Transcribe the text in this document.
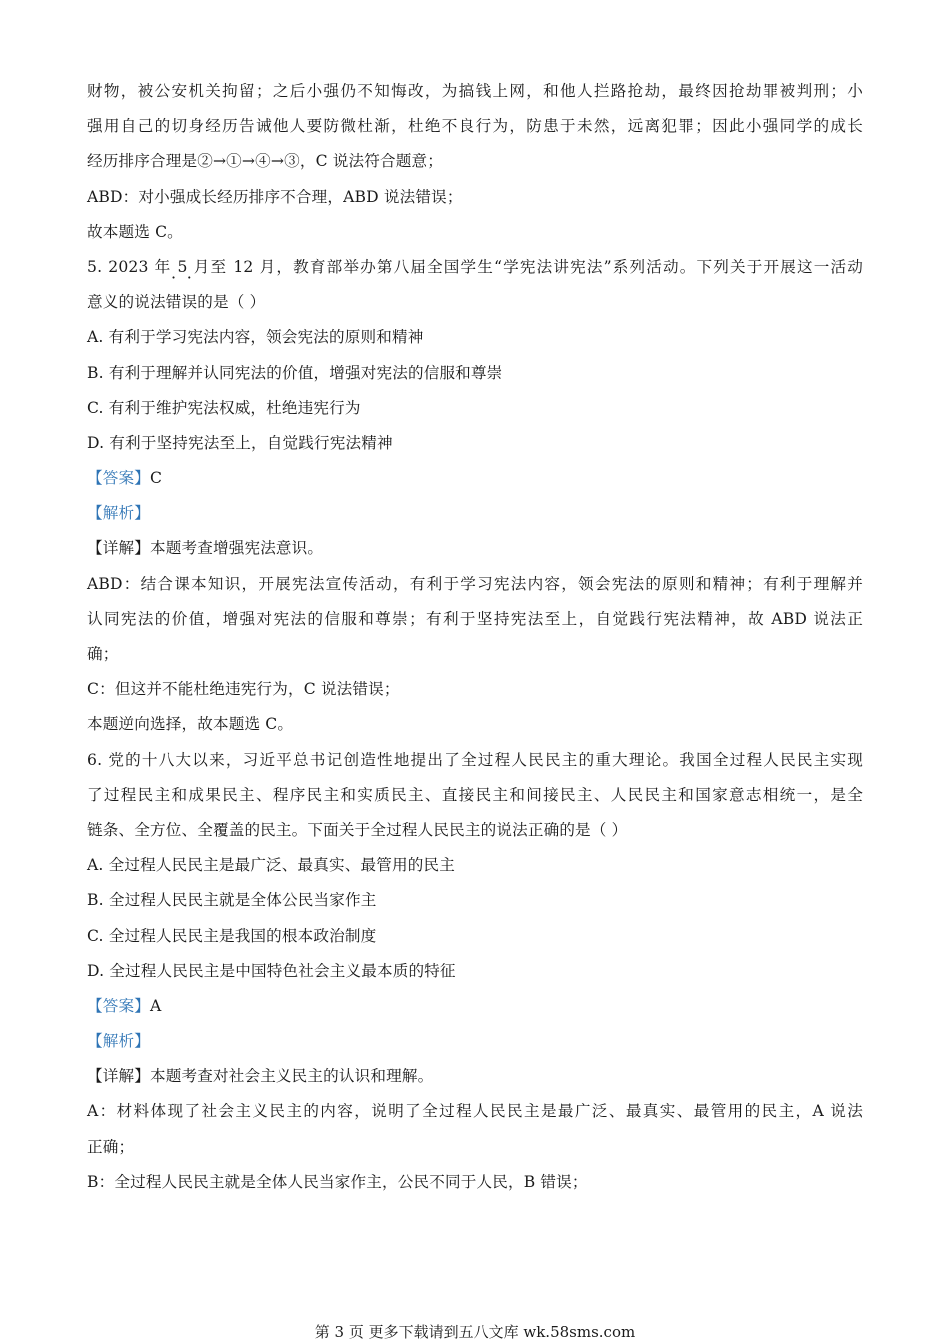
财物，被公安机关拘留；之后小强仍不知悔改，为搞钱上网，和他人拦路抢劫，最终因抢劫罪被判刑；小
强用自己的切身经历告诫他人要防微杜渐，杜绝不良行为，防患于未然，远离犯罪；因此小强同学的成长
经历排序合理是②→①→④→③，C 说法符合题意；
ABD：对小强成长经历排序不合理，ABD 说法错误；
故本题选 C。
5. 2023 年 5 月至 12 月，教育部举办第八届全国学生“学宪法讲宪法”系列活动。下列关于开展这一活动
意义的说法错误的是（ ）
A. 有利于学习宪法内容，领会宪法的原则和精神
B. 有利于理解并认同宪法的价值，增强对宪法的信服和尊崇
C. 有利于维护宪法权威，杜绝违宪行为
D. 有利于坚持宪法至上，自觉践行宪法精神
【答案】C
【解析】
【详解】本题考查增强宪法意识。
ABD：结合课本知识，开展宪法宣传活动，有利于学习宪法内容，领会宪法的原则和精神；有利于理解并
认同宪法的价值，增强对宪法的信服和尊崇；有利于坚持宪法至上，自觉践行宪法精神，故 ABD 说法正
确；
C：但这并不能杜绝违宪行为，C 说法错误；
本题逆向选择，故本题选 C。
6. 党的十八大以来，习近平总书记创造性地提出了全过程人民民主的重大理论。我国全过程人民民主实现
了过程民主和成果民主、程序民主和实质民主、直接民主和间接民主、人民民主和国家意志相统一，是全
链条、全方位、全覆盖的民主。下面关于全过程人民民主的说法正确的是（ ）
A. 全过程人民民主是最广泛、最真实、最管用的民主
B. 全过程人民民主就是全体公民当家作主
C. 全过程人民民主是我国的根本政治制度
D. 全过程人民民主是中国特色社会主义最本质的特征
【答案】A
【解析】
【详解】本题考查对社会主义民主的认识和理解。
A：材料体现了社会主义民主的内容，说明了全过程人民民主是最广泛、最真实、最管用的民主，A 说法
正确；
B：全过程人民民主就是全体人民当家作主，公民不同于人民，B 错误；
第 3 页 更多下载请到五八文库 wk.58sms.com
